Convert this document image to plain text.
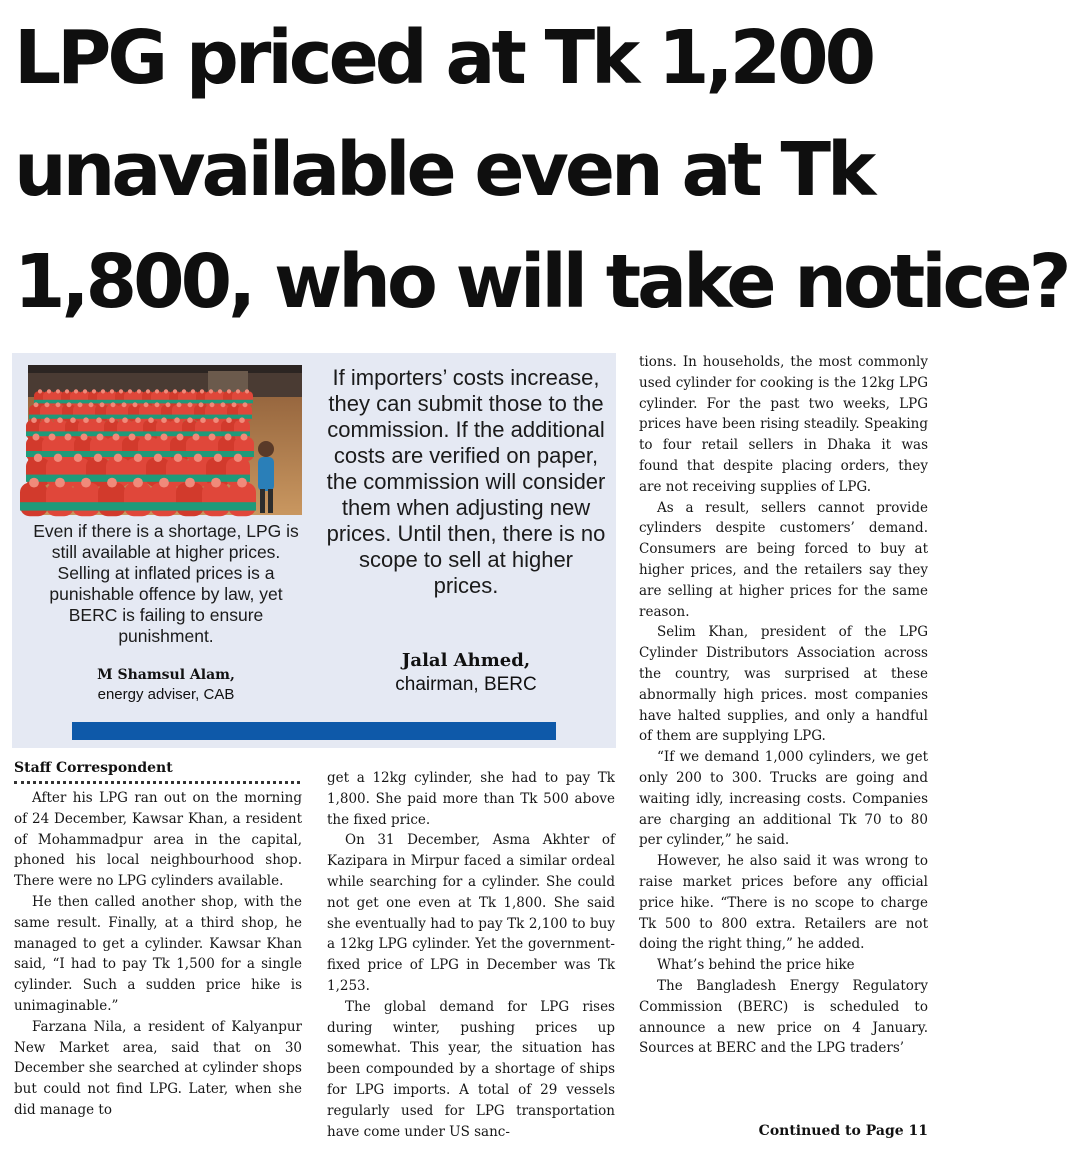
LPG priced at Tk 1,200
unavailable even at Tk
1,800, who will take notice?
Even if there is a shortage, LPG is still available at higher prices. Selling at inflated prices is a punishable offence by law, yet BERC is failing to ensure punishment.
M Shamsul Alam,
energy adviser, CAB
If importers’ costs increase, they can submit those to the commission. If the additional costs are verified on paper, the commission will consider them when adjusting new prices. Until then, there is no scope to sell at higher prices.
Jalal Ahmed,
chairman, BERC
Staff Correspondent

After his LPG ran out on the morning of 24 December, Kawsar Khan, a resident of Mohammadpur area in the capital, phoned his local neighbourhood shop. There were no LPG cylinders available.

He then called another shop, with the same result. Finally, at a third shop, he managed to get a cylinder. Kawsar Khan said, “I had to pay Tk 1,500 for a single cylinder. Such a sudden price hike is unimaginable.”

Farzana Nila, a resident of Kalyanpur New Market area, said that on 30 December she searched at cylinder shops but could not find LPG. Later, when she did manage to

get a 12kg cylinder, she had to pay Tk 1,800. She paid more than Tk 500 above the fixed price.

On 31 December, Asma Akhter of Kazipara in Mirpur faced a similar ordeal while searching for a cylinder. She could not get one even at Tk 1,800. She said she eventually had to pay Tk 2,100 to buy a 12kg LPG cylinder. Yet the government-fixed price of LPG in December was Tk 1,253.

The global demand for LPG rises during winter, pushing prices up somewhat. This year, the situation has been compounded by a shortage of ships for LPG imports. A total of 29 vessels regularly used for LPG transportation have come under US sanc-

tions. In households, the most commonly used cylinder for cooking is the 12kg LPG cylinder. For the past two weeks, LPG prices have been rising steadily. Speaking to four retail sellers in Dhaka it was found that despite placing orders, they are not receiving supplies of LPG.

As a result, sellers cannot provide cylinders despite customers’ demand. Consumers are being forced to buy at higher prices, and the retailers say they are selling at higher prices for the same reason.

Selim Khan, president of the LPG Cylinder Distributors Association across the country, was surprised at these abnormally high prices. most companies have halted supplies, and only a handful of them are supplying LPG.

“If we demand 1,000 cylinders, we get only 200 to 300. Trucks are going and waiting idly, increasing costs. Companies are charging an additional Tk 70 to 80 per cylinder,” he said.

However, he also said it was wrong to raise market prices before any official price hike. “There is no scope to charge Tk 500 to 800 extra. Retailers are not doing the right thing,” he added.

What’s behind the price hike

The Bangladesh Energy Regulatory Commission (BERC) is scheduled to announce a new price on 4 January. Sources at BERC and the LPG traders’

Continued to Page 11
